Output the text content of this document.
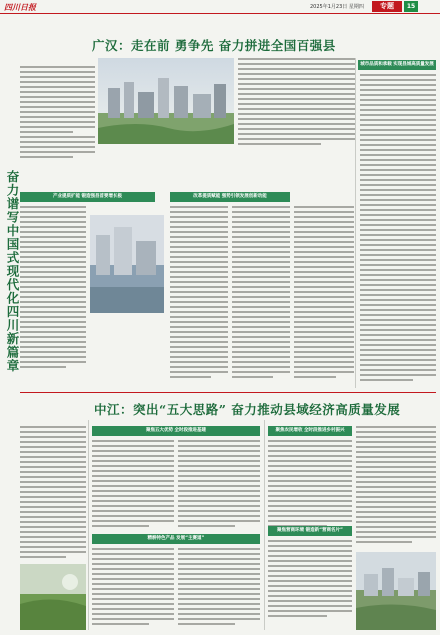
四川日报	2025年1月23日 星期四	专题	15
广汉：走在前 勇争先 奋力拼进全国百强县
奋力谱写中国式现代化四川新篇章
城市品质和承载 实现县城高质量发展
产业提质扩能 锻造强县首要增长极	改革提质赋能 强势引领发展创新动能
中江：突出“五大思路” 奋力推动县域经济高质量发展
聚焦五大优势 全时段推进基建
精耕特色产品 发展“主赛道”
聚焦农民增收 全时段推进乡村振兴
聚焦营商环境 锻造新“营商名片”
